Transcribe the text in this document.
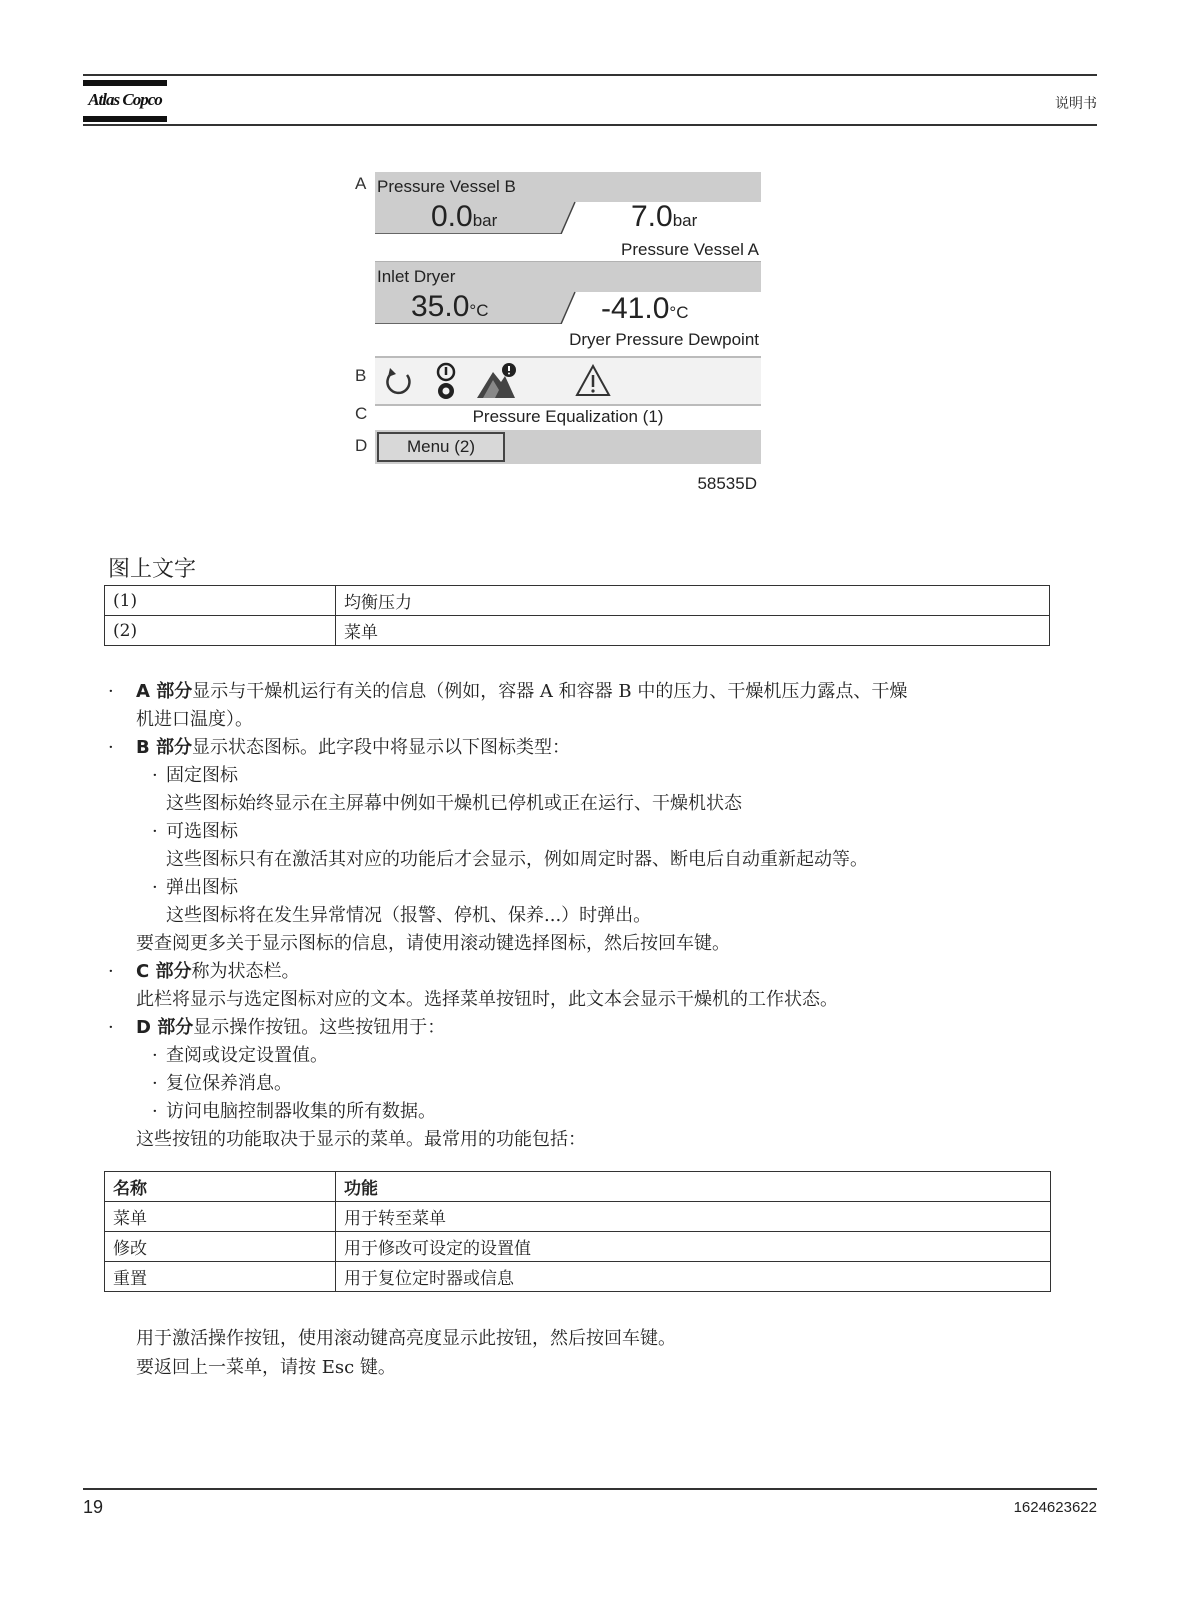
Atlas Copco	说明书
A
B
C
D
Pressure Vessel B
0.0bar	7.0bar
Pressure Vessel A
Inlet Dryer
35.0°C	-41.0°C
Dryer Pressure Dewpoint
Pressure Equalization (1)
Menu (2)
58535D
图上文字
(1)	均衡压力
(2)	菜单

· A 部分显示与干燥机运行有关的信息（例如，容器 A 和容器 B 中的压力、干燥机压力露点、干燥

机进口温度）。

· B 部分显示状态图标。此字段中将显示以下图标类型：

· 固定图标

这些图标始终显示在主屏幕中例如干燥机已停机或正在运行、干燥机状态

· 可选图标

这些图标只有在激活其对应的功能后才会显示，例如周定时器、断电后自动重新起动等。

· 弹出图标

这些图标将在发生异常情况（报警、停机、保养...）时弹出。

要查阅更多关于显示图标的信息，请使用滚动键选择图标，然后按回车键。

· C 部分称为状态栏。

此栏将显示与选定图标对应的文本。选择菜单按钮时，此文本会显示干燥机的工作状态。

· D 部分显示操作按钮。这些按钮用于：

· 查阅或设定设置值。

· 复位保养消息。

· 访问电脑控制器收集的所有数据。

这些按钮的功能取决于显示的菜单。最常用的功能包括：

名称	功能
菜单	用于转至菜单
修改	用于修改可设定的设置值
重置	用于复位定时器或信息

用于激活操作按钮，使用滚动键高亮度显示此按钮，然后按回车键。

要返回上一菜单，请按 Esc 键。

19	1624623622
